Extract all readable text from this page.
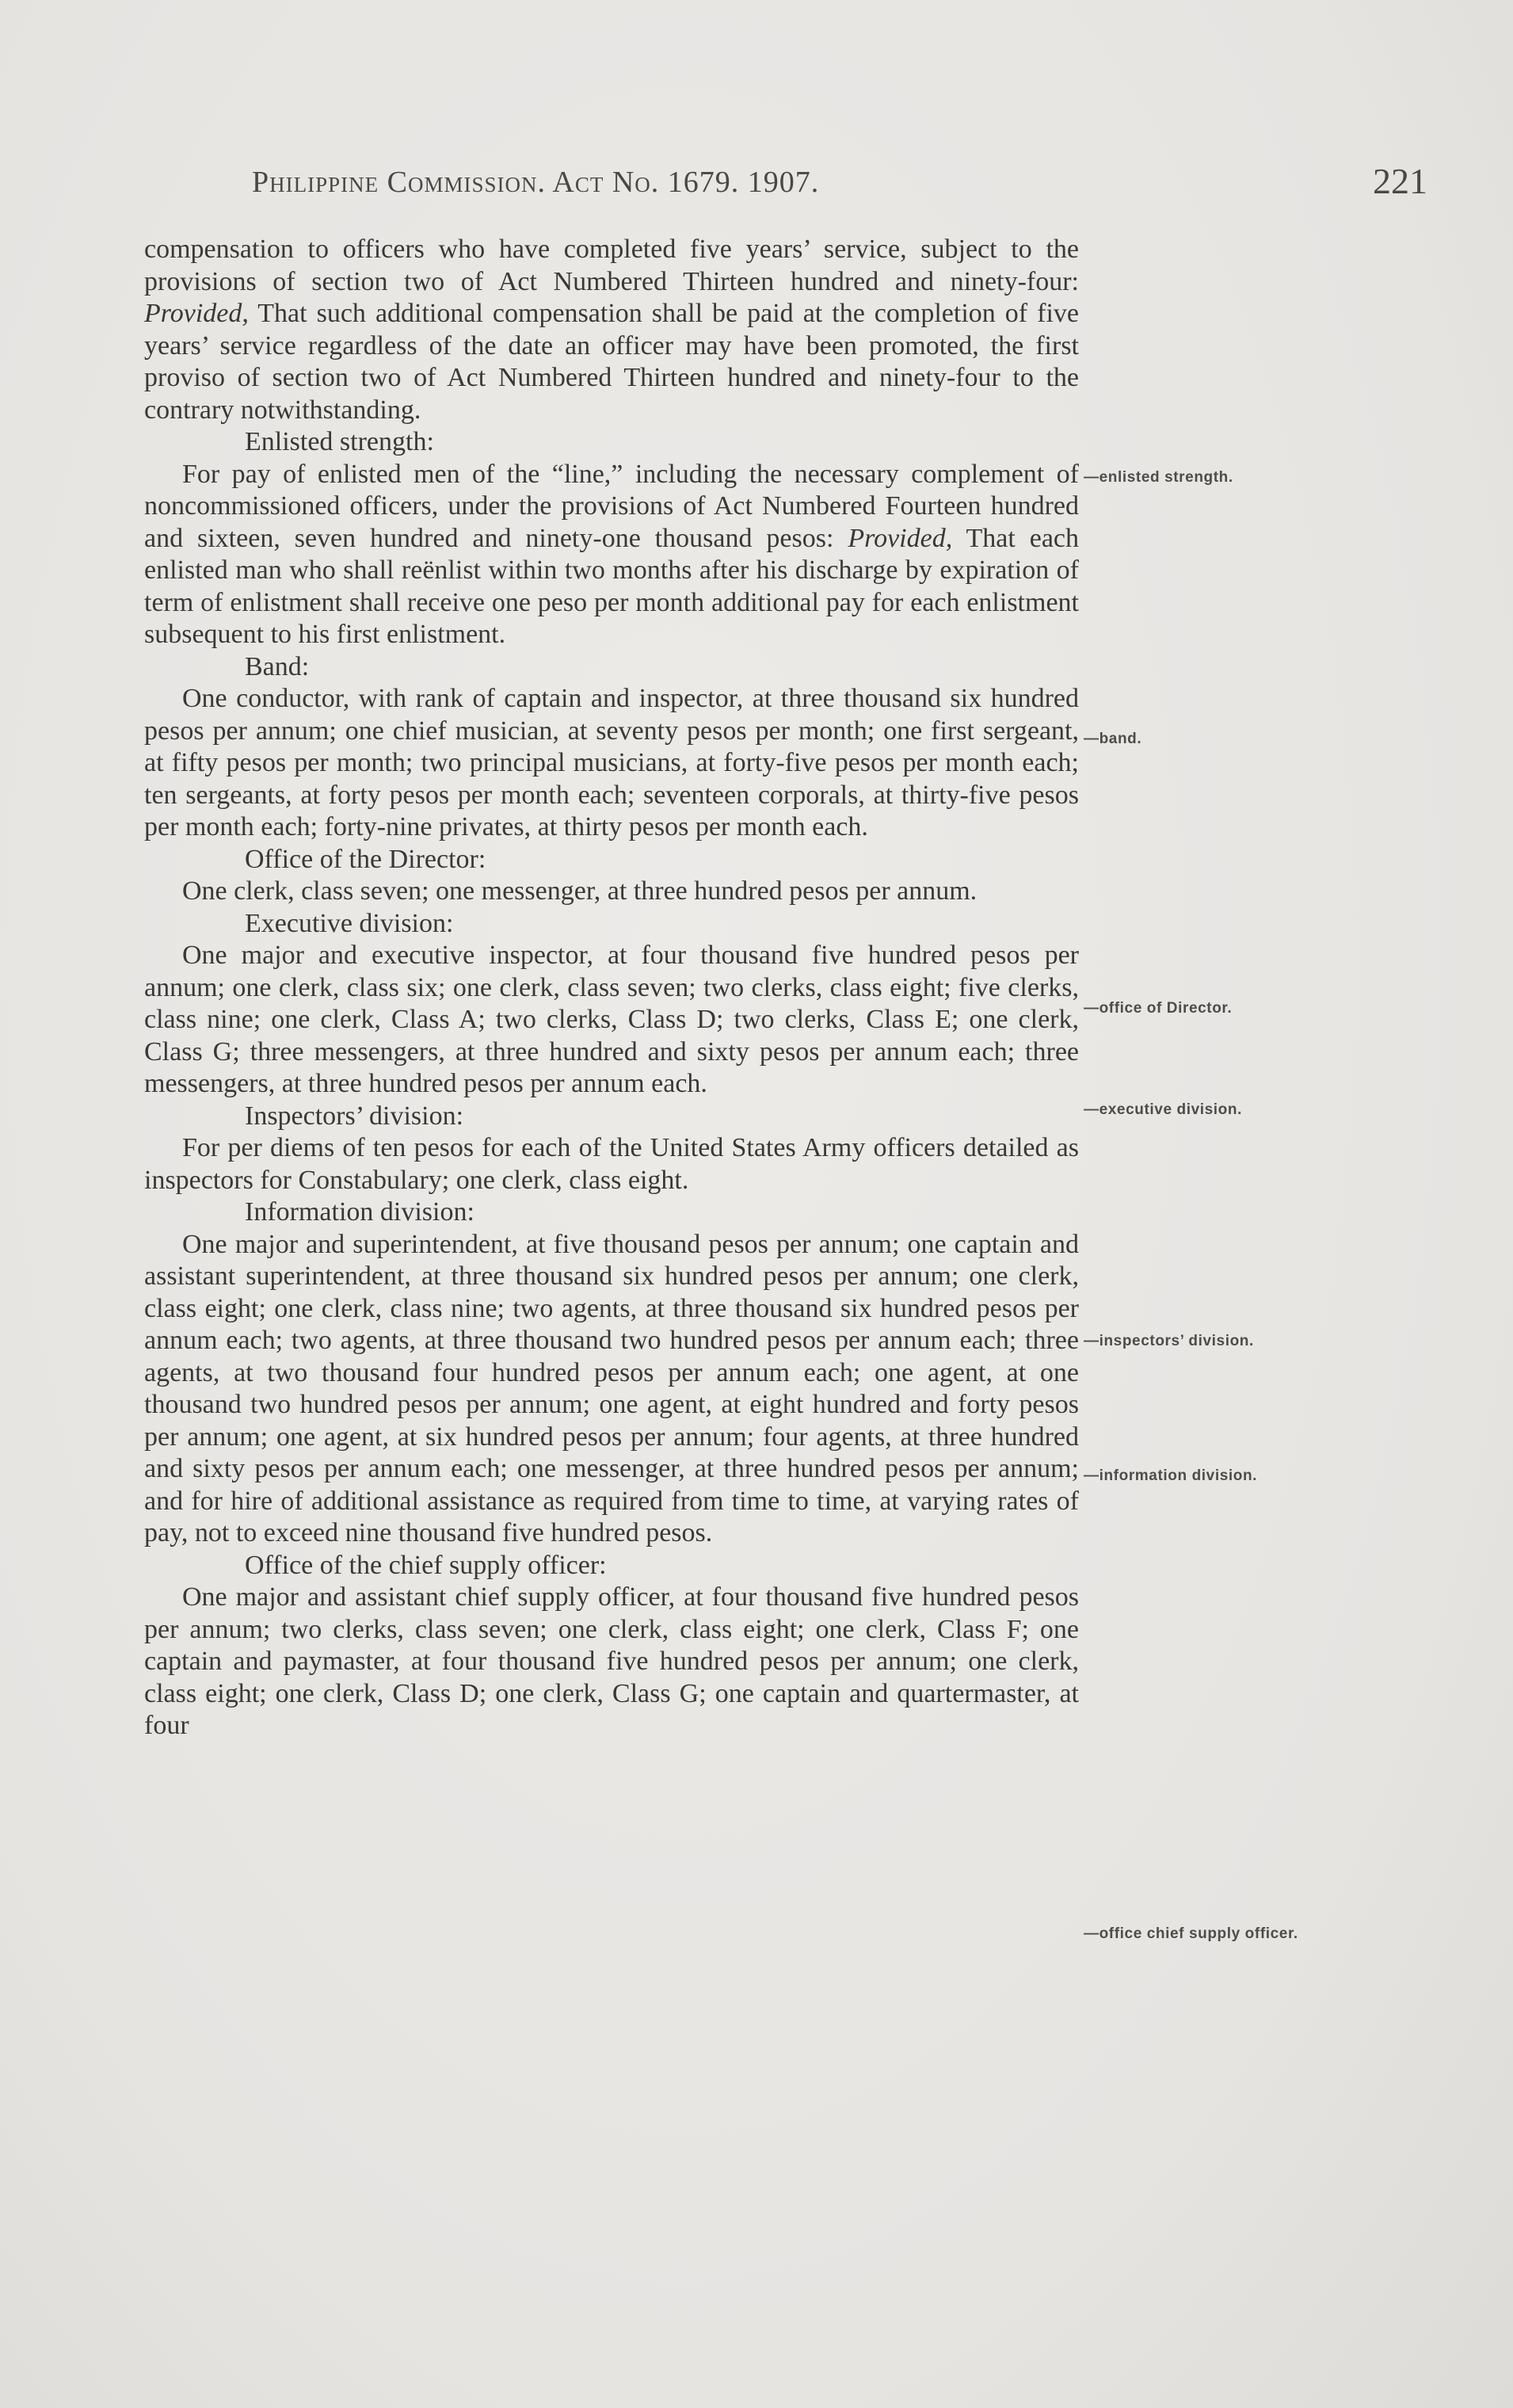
Philippine Commission. Act No. 1679. 1907.	221

compensation to officers who have completed five years’ service, subject to the provisions of section two of Act Numbered Thirteen hundred and ninety-four: Provided, That such additional compensation shall be paid at the completion of five years’ service regardless of the date an officer may have been promoted, the first proviso of section two of Act Numbered Thirteen hundred and ninety-four to the contrary notwithstanding.

Enlisted strength:

For pay of enlisted men of the “line,” including the necessary complement of noncommissioned officers, under the provisions of Act Numbered Fourteen hundred and sixteen, seven hundred and ninety-one thousand pesos: Provided, That each enlisted man who shall reënlist within two months after his discharge by expiration of term of enlistment shall receive one peso per month additional pay for each enlistment subsequent to his first enlistment.

Band:

One conductor, with rank of captain and inspector, at three thousand six hundred pesos per annum; one chief musician, at seventy pesos per month; one first sergeant, at fifty pesos per month; two principal musicians, at forty-five pesos per month each; ten sergeants, at forty pesos per month each; seventeen corporals, at thirty-five pesos per month each; forty-nine privates, at thirty pesos per month each.

Office of the Director:

One clerk, class seven; one messenger, at three hundred pesos per annum.

Executive division:

One major and executive inspector, at four thousand five hundred pesos per annum; one clerk, class six; one clerk, class seven; two clerks, class eight; five clerks, class nine; one clerk, Class A; two clerks, Class D; two clerks, Class E; one clerk, Class G; three messengers, at three hundred and sixty pesos per annum each; three messengers, at three hundred pesos per annum each.

Inspectors’ division:

For per diems of ten pesos for each of the United States Army officers detailed as inspectors for Constabulary; one clerk, class eight.

Information division:

One major and superintendent, at five thousand pesos per annum; one captain and assistant superintendent, at three thousand six hundred pesos per annum; one clerk, class eight; one clerk, class nine; two agents, at three thousand six hundred pesos per annum each; two agents, at three thousand two hundred pesos per annum each; three agents, at two thousand four hundred pesos per annum each; one agent, at one thousand two hundred pesos per annum; one agent, at eight hundred and forty pesos per annum; one agent, at six hundred pesos per annum; four agents, at three hundred and sixty pesos per annum each; one messenger, at three hundred pesos per annum; and for hire of additional assistance as required from time to time, at varying rates of pay, not to exceed nine thousand five hundred pesos.

Office of the chief supply officer:

One major and assistant chief supply officer, at four thousand five hundred pesos per annum; two clerks, class seven; one clerk, class eight; one clerk, Class F; one captain and paymaster, at four thousand five hundred pesos per annum; one clerk, class eight; one clerk, Class D; one clerk, Class G; one captain and quartermaster, at four

—enlisted strength.
—band.
—office of Director.
—executive division.
—inspectors’ division.
—information division.
—office chief supply officer.
